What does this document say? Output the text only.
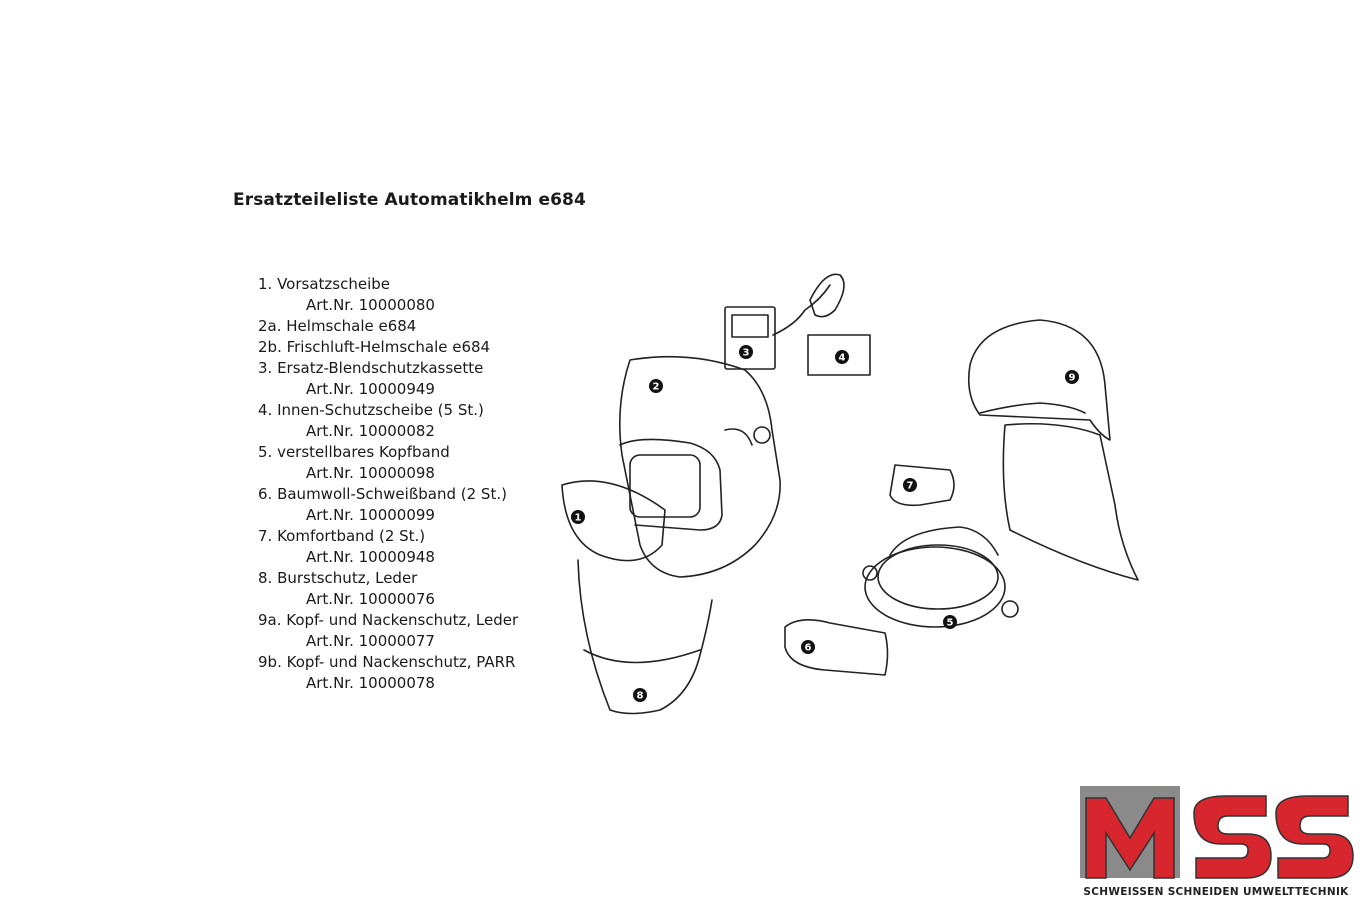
Ersatzteileliste Automatikhelm e684
1. Vorsatzscheibe
Art.Nr. 10000080
2a. Helmschale e684
2b. Frischluft-Helmschale e684
3. Ersatz-Blendschutzkassette
Art.Nr. 10000949
4. Innen-Schutzscheibe (5 St.)
Art.Nr. 10000082
5. verstellbares Kopfband
Art.Nr. 10000098
6. Baumwoll-Schweißband (2 St.)
Art.Nr. 10000099
7. Komfortband (2 St.)
Art.Nr. 10000948
8. Burstschutz, Leder
Art.Nr. 10000076
9a. Kopf- und Nackenschutz, Leder
Art.Nr. 10000077
9b. Kopf- und Nackenschutz, PARR
Art.Nr. 10000078
1
2
3	4
5
6
7
8
9
SCHWEISSEN SCHNEIDEN UMWELTTECHNIK
